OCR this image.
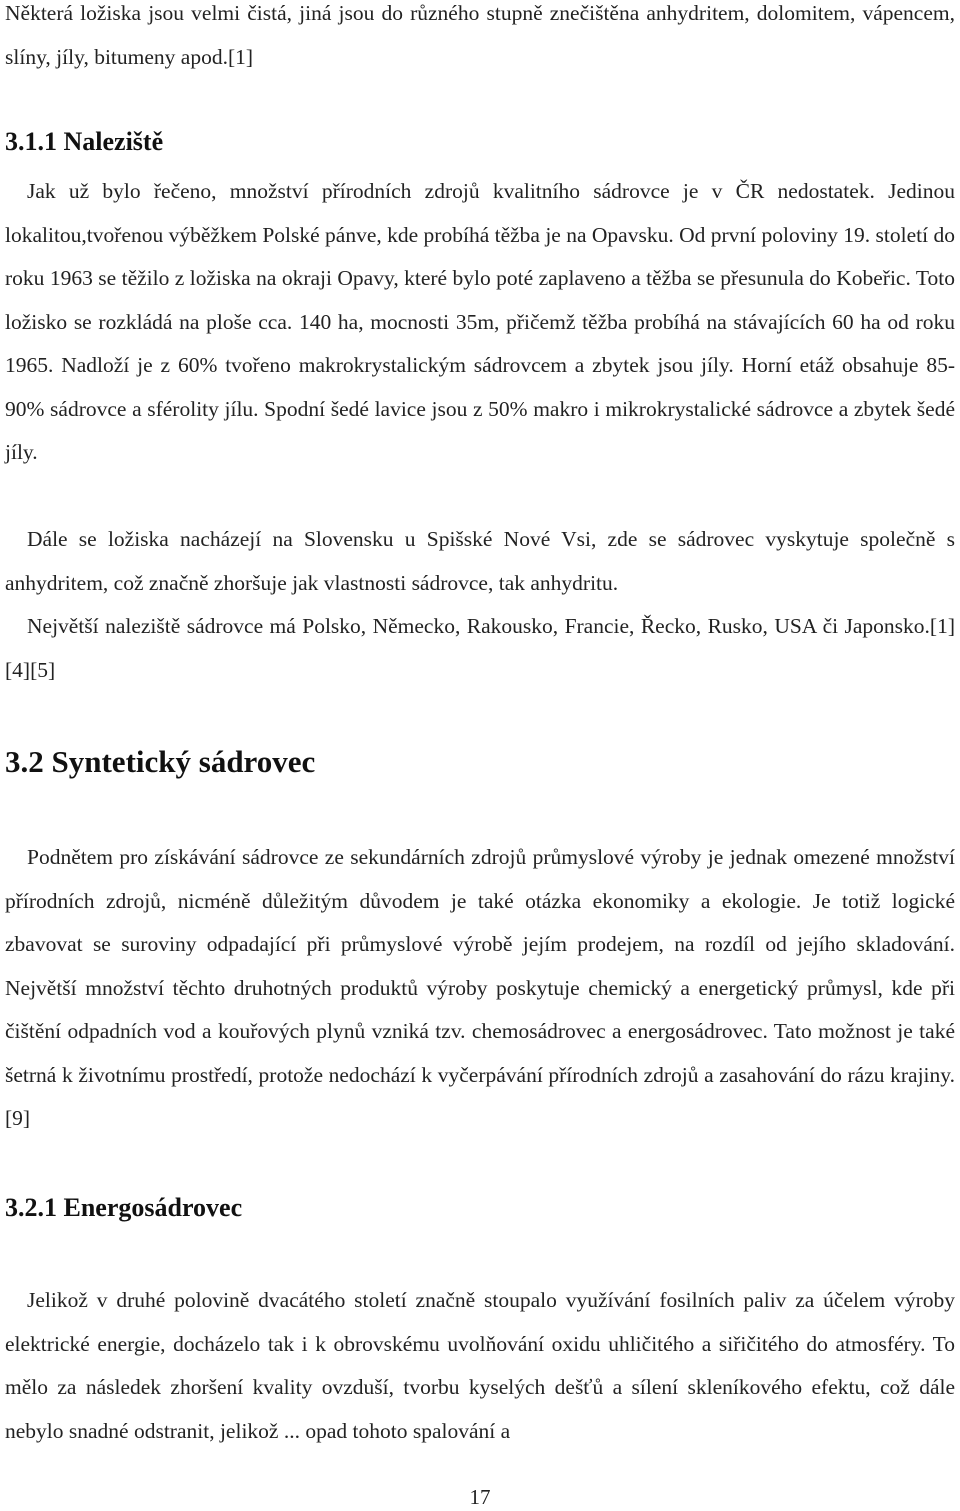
Některá ložiska jsou velmi čistá, jiná jsou do různého stupně znečištěna anhydritem, dolomitem, vápencem, slíny, jíly, bitumeny apod.[1]

3.1.1 Naleziště

Jak už bylo řečeno, množství přírodních zdrojů kvalitního sádrovce je v ČR nedostatek. Jedinou lokalitou,tvořenou výběžkem Polské pánve, kde probíhá těžba je na Opavsku. Od první poloviny 19. století do roku 1963 se těžilo z ložiska na okraji Opavy, které bylo poté zaplaveno a těžba se přesunula do Kobeřic. Toto ložisko se rozkládá na ploše cca. 140 ha, mocnosti 35m, přičemž těžba probíhá na stávajících 60 ha od roku 1965. Nadloží je z 60% tvořeno makrokrystalickým sádrovcem a zbytek jsou jíly. Horní etáž obsahuje 85-90% sádrovce a sférolity jílu. Spodní šedé lavice jsou z 50% makro i mikrokrystalické sádrovce a zbytek šedé jíly.

Dále se ložiska nacházejí na Slovensku u Spišské Nové Vsi, zde se sádrovec vyskytuje společně s anhydritem, což značně zhoršuje jak vlastnosti sádrovce, tak anhydritu.

Největší naleziště sádrovce má Polsko, Německo, Rakousko, Francie, Řecko, Rusko, USA či Japonsko.[1][4][5]

3.2 Syntetický sádrovec

Podnětem pro získávání sádrovce ze sekundárních zdrojů průmyslové výroby je jednak omezené množství přírodních zdrojů, nicméně důležitým důvodem je také otázka ekonomiky a ekologie. Je totiž logické zbavovat se suroviny odpadající při průmyslové výrobě jejím prodejem, na rozdíl od jejího skladování. Největší množství těchto druhotných produktů výroby poskytuje chemický a energetický průmysl, kde při čištění odpadních vod a kouřových plynů vzniká tzv. chemosádrovec a energosádrovec. Tato možnost je také šetrná k životnímu prostředí, protože nedochází k vyčerpávání přírodních zdrojů a zasahování do rázu krajiny.[9]

3.2.1 Energosádrovec

Jelikož v druhé polovině dvacátého století značně stoupalo využívání fosilních paliv za účelem výroby elektrické energie, docházelo tak i k obrovskému uvolňování oxidu uhličitého a siřičitého do atmosféry. To mělo za následek zhoršení kvality ovzduší, tvorbu kyselých dešťů a sílení skleníkového efektu, což dále nebylo snadné odstranit, jelikož ... opad tohoto spalování a

17
